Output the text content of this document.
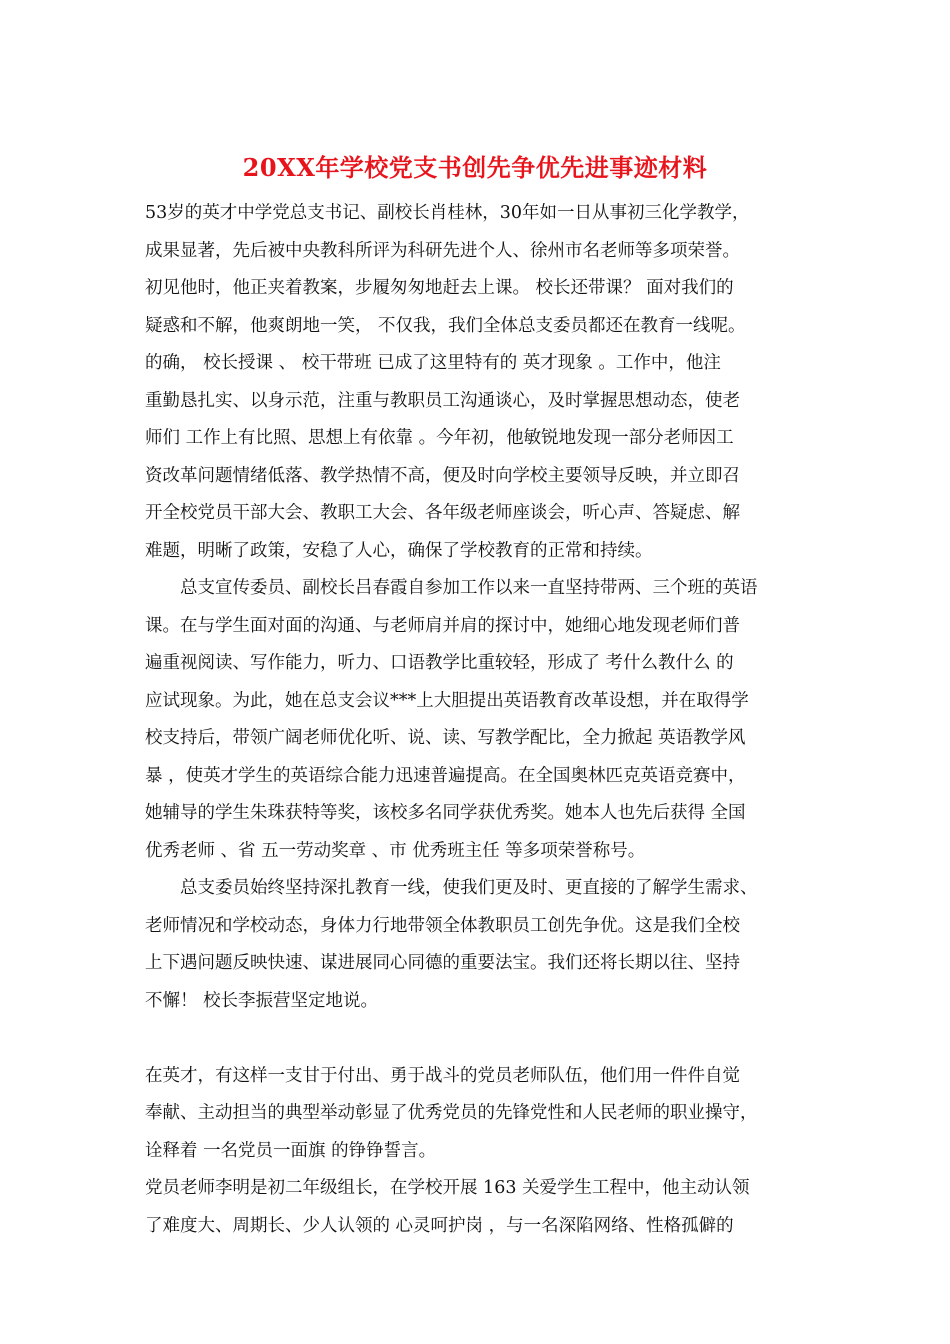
20XX年学校党支书创先争优先进事迹材料
53岁的英才中学党总支书记、副校长肖桂林，30年如一日从事初三化学教学，
成果显著，先后被中央教科所评为科研先进个人、徐州市名老师等多项荣誉。
初见他时，他正夹着教案，步履匆匆地赶去上课。 校长还带课？ 面对我们的
疑惑和不解，他爽朗地一笑， 不仅我，我们全体总支委员都还在教育一线呢。
的确， 校长授课 、 校干带班 已成了这里特有的 英才现象 。工作中，他注
重勤恳扎实、以身示范，注重与教职员工沟通谈心，及时掌握思想动态，使老
师们 工作上有比照、思想上有依靠 。今年初，他敏锐地发现一部分老师因工
资改革问题情绪低落、教学热情不高，便及时向学校主要领导反映，并立即召
开全校党员干部大会、教职工大会、各年级老师座谈会，听心声、答疑虑、解
难题，明晰了政策，安稳了人心，确保了学校教育的正常和持续。
　　总支宣传委员、副校长吕春霞自参加工作以来一直坚持带两、三个班的英语
课。在与学生面对面的沟通、与老师肩并肩的探讨中，她细心地发现老师们普
遍重视阅读、写作能力，听力、口语教学比重较轻，形成了 考什么教什么 的
应试现象。为此，她在总支会议***上大胆提出英语教育改革设想，并在取得学
校支持后，带领广阔老师优化听、说、读、写教学配比，全力掀起 英语教学风
暴 ，使英才学生的英语综合能力迅速普遍提高。在全国奥林匹克英语竞赛中，
她辅导的学生朱珠获特等奖，该校多名同学获优秀奖。她本人也先后获得 全国
优秀老师 、省 五一劳动奖章 、市 优秀班主任 等多项荣誉称号。
　　总支委员始终坚持深扎教育一线，使我们更及时、更直接的了解学生需求、
老师情况和学校动态，身体力行地带领全体教职员工创先争优。这是我们全校
上下遇问题反映快速、谋进展同心同德的重要法宝。我们还将长期以往、坚持
不懈！ 校长李振营坚定地说。
在英才，有这样一支甘于付出、勇于战斗的党员老师队伍，他们用一件件自觉
奉献、主动担当的典型举动彰显了优秀党员的先锋党性和人民老师的职业操守，
诠释着 一名党员一面旗 的铮铮誓言。
党员老师李明是初二年级组长，在学校开展 163 关爱学生工程中，他主动认领
了难度大、周期长、少人认领的 心灵呵护岗 ，与一名深陷网络、性格孤僻的
